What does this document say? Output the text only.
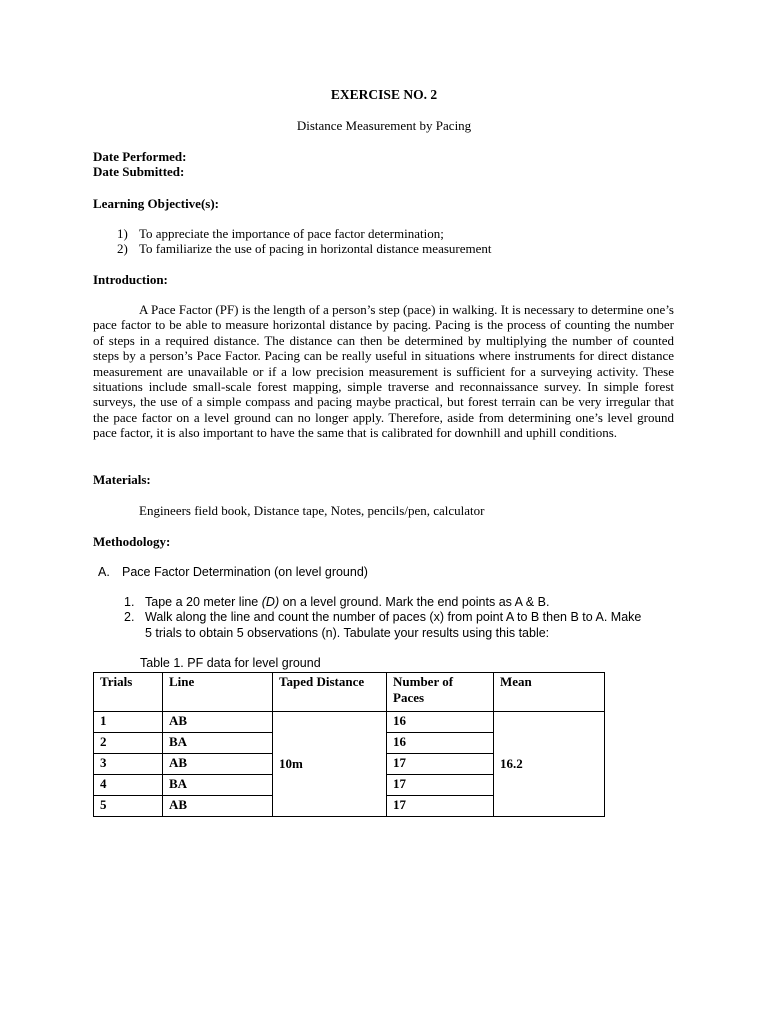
EXERCISE NO. 2
Distance Measurement by Pacing
Date Performed:
Date Submitted:
Learning Objective(s):
1) To appreciate the importance of pace factor determination;
2) To familiarize the use of pacing in horizontal distance measurement
Introduction:
A Pace Factor (PF) is the length of a person’s step (pace) in walking. It is necessary to determine one’s pace factor to be able to measure horizontal distance by pacing. Pacing is the process of counting the number of steps in a required distance. The distance can then be determined by multiplying the number of counted steps by a person’s Pace Factor. Pacing can be really useful in situations where instruments for direct distance measurement are unavailable or if a low precision measurement is sufficient for a surveying activity. These situations include small-scale forest mapping, simple traverse and reconnaissance survey. In simple forest surveys, the use of a simple compass and pacing maybe practical, but forest terrain can be very irregular that the pace factor on a level ground can no longer apply. Therefore, aside from determining one’s level ground pace factor, it is also important to have the same that is calibrated for downhill and uphill conditions.
Materials:
Engineers field book, Distance tape, Notes, pencils/pen, calculator
Methodology:
A. Pace Factor Determination (on level ground)
1. Tape a 20 meter line (D) on a level ground. Mark the end points as A & B.
2. Walk along the line and count the number of paces (x) from point A to B then B to A. Make
5 trials to obtain 5 observations (n). Tabulate your results using this table:
Table 1. PF data for level ground
Trials	Line	Taped Distance	Number of Paces	Mean
1	AB	10m	16	16.2
2	BA		16	
3	AB		17	
4	BA		17	
5	AB		17	
